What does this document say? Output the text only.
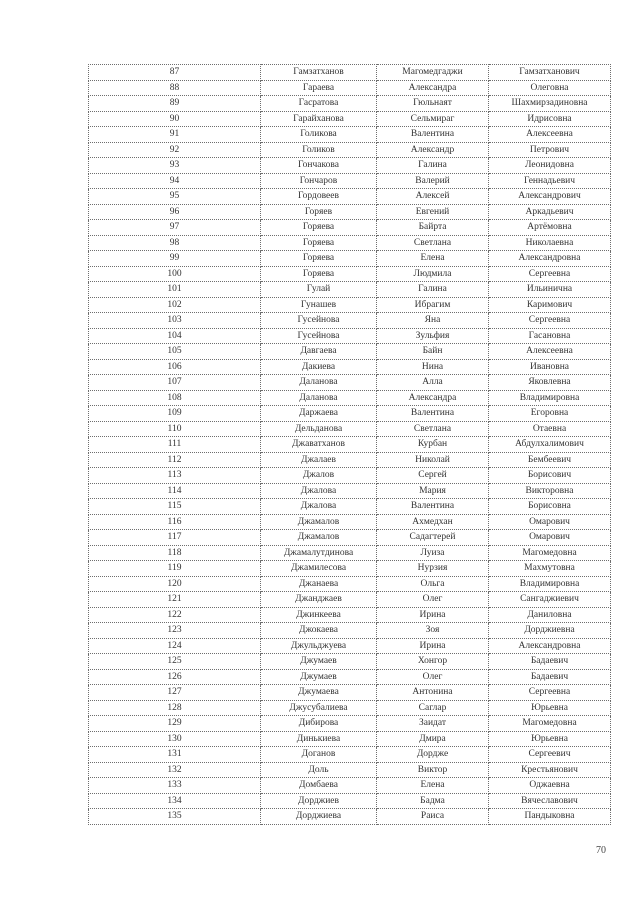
87	Гамзатханов	Магомедгаджи	Гамзатханович
88	Гараева	Александра	Олеговна
89	Гасратова	Гюльнаят	Шахмирзадиновна
90	Гарайханова	Сельмираг	Идрисовна
91	Голикова	Валентина	Алексеевна
92	Голиков	Александр	Петрович
93	Гончакова	Галина	Леонидовна
94	Гончаров	Валерий	Геннадьевич
95	Гордовеев	Алексей	Александрович
96	Горяев	Евгений	Аркадьевич
97	Горяева	Байрта	Артёмовна
98	Горяева	Светлана	Николаевна
99	Горяева	Елена	Александровна
100	Горяева	Людмила	Сергеевна
101	Гулай	Галина	Ильинична
102	Гунашев	Ибрагим	Каримович
103	Гусейнова	Яна	Сергеевна
104	Гусейнова	Зульфия	Гасановна
105	Давгаева	Байн	Алексеевна
106	Дакиева	Нина	Ивановна
107	Даланова	Алла	Яковлевна
108	Даланова	Александра	Владимировна
109	Даржаева	Валентина	Егоровна
110	Дельданова	Светлана	Отаевна
111	Джаватханов	Курбан	Абдулхалимович
112	Джалаев	Николай	Бембеевич
113	Джалов	Сергей	Борисович
114	Джалова	Мария	Викторовна
115	Джалова	Валентина	Борисовна
116	Джамалов	Ахмедхан	Омарович
117	Джамалов	Садагтерей	Омарович
118	Джамалутдинова	Луиза	Магомедовна
119	Джамилесова	Нурзия	Махмутовна
120	Джанаева	Ольга	Владимировна
121	Джанджаев	Олег	Сангаджиевич
122	Джинкеева	Ирина	Даниловна
123	Джокаева	Зоя	Дорджиевна
124	Джульджуева	Ирина	Александровна
125	Джумаев	Хонгор	Бадаевич
126	Джумаев	Олег	Бадаевич
127	Джумаева	Антонина	Сергеевна
128	Джусубалиева	Саглар	Юрьевна
129	Дибирова	Заидат	Магомедовна
130	Динькиева	Дмира	Юрьевна
131	Доганов	Дордже	Сергеевич
132	Доль	Виктор	Крестьянович
133	Домбаева	Елена	Оджаевна
134	Дорджиев	Бадма	Вячеславович
135	Дорджиева	Раиса	Пандыковна
70
